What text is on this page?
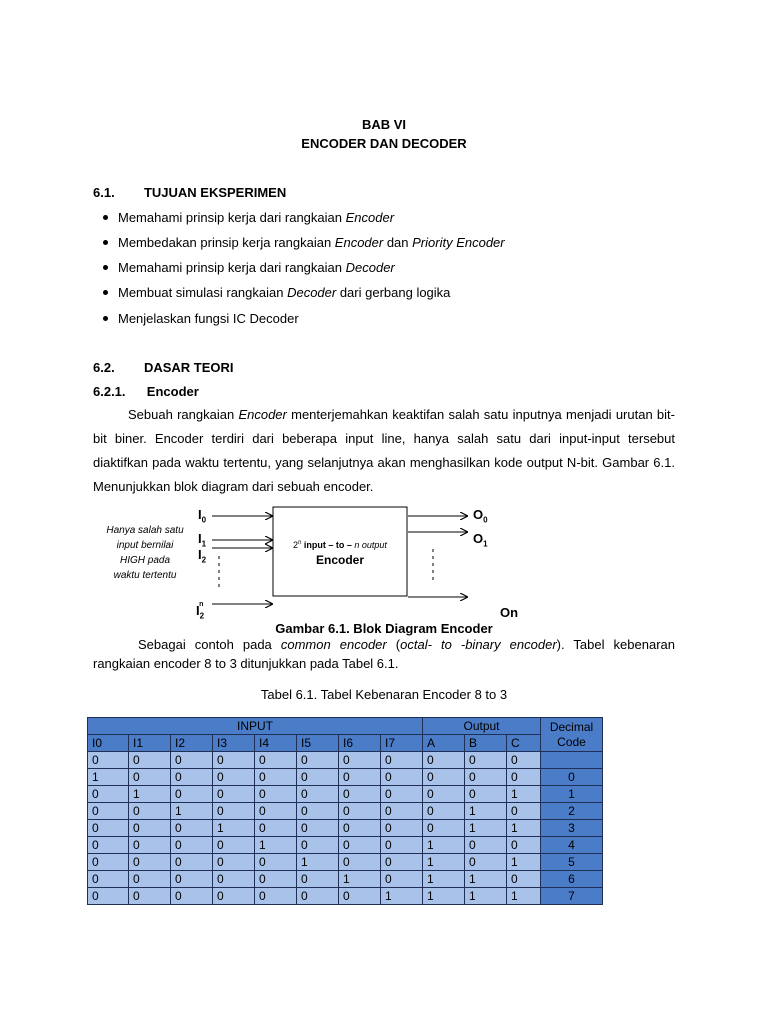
BAB VI
ENCODER DAN DECODER
6.1. TUJUAN EKSPERIMEN
Memahami prinsip kerja dari rangkaian Encoder
Membedakan prinsip kerja rangkaian Encoder dan Priority Encoder
Memahami prinsip kerja dari rangkaian Decoder
Membuat simulasi rangkaian Decoder dari gerbang logika
Menjelaskan fungsi IC Decoder
6.2. DASAR TEORI
6.2.1. Encoder
Sebuah rangkaian Encoder menterjemahkan keaktifan salah satu inputnya menjadi urutan bit-
bit biner. Encoder terdiri dari beberapa input line, hanya salah satu dari input-input tersebut
diaktifkan pada waktu tertentu, yang selanjutnya akan menghasilkan kode output N-bit. Gambar 6.1.
Menunjukkan blok diagram dari sebuah encoder.
Hanya salah satu
input bernilai
HIGH pada
waktu tertentu
$I_0$
$I_1$
$I_2$
$I_2^n$
2$^n$ input – to – n output
Encoder
$O_0$
$O_1$
On
Gambar 6.1. Blok Diagram Encoder
Sebagai contoh pada common encoder (octal- to -binary encoder). Tabel kebenaran
rangkaian encoder 8 to 3 ditunjukkan pada Tabel 6.1.
Tabel 6.1. Tabel Kebenaran Encoder 8 to 3
INPUT								Output			Decimal
Code

I0	I1	I2	I3	I4	I5	I6	I7	A	B	C	
0	0	0	0	0	0	0	0	0	0	0	
1	0	0	0	0	0	0	0	0	0	0	0
0	1	0	0	0	0	0	0	0	0	1	1
0	0	1	0	0	0	0	0	0	1	0	2
0	0	0	1	0	0	0	0	0	1	1	3
0	0	0	0	1	0	0	0	1	0	0	4
0	0	0	0	0	1	0	0	1	0	1	5
0	0	0	0	0	0	1	0	1	1	0	6
0	0	0	0	0	0	0	1	1	1	1	7
